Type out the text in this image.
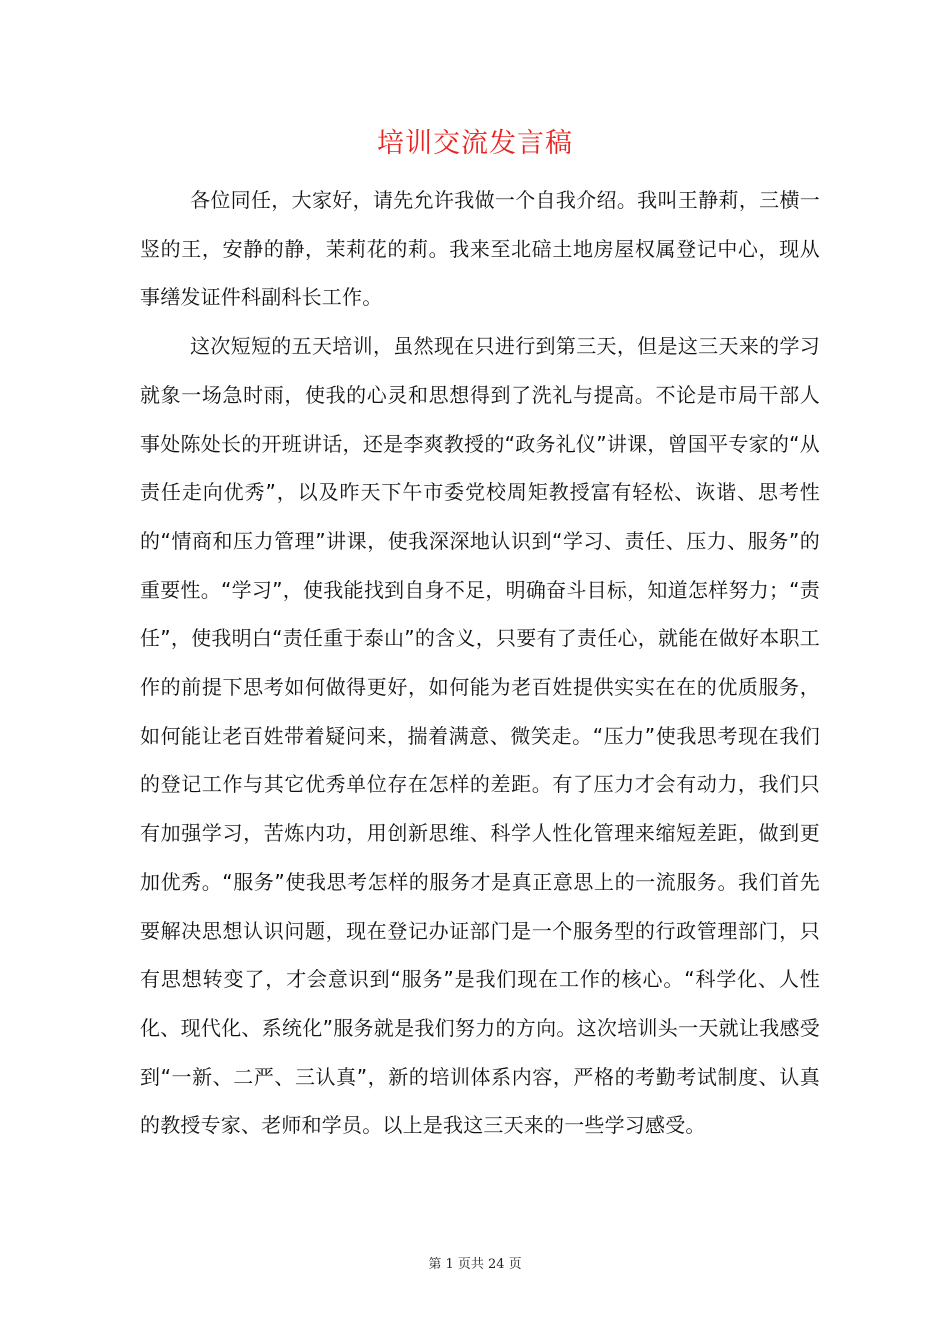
培训交流发言稿

各位同任，大家好，请先允许我做一个自我介绍。我叫王静莉，三横一竖的王，安静的静，茉莉花的莉。我来至北碚土地房屋权属登记中心，现从事缮发证件科副科长工作。

这次短短的五天培训，虽然现在只进行到第三天，但是这三天来的学习就象一场急时雨，使我的心灵和思想得到了洗礼与提高。不论是市局干部人事处陈处长的开班讲话，还是李爽教授的“政务礼仪”讲课，曾国平专家的“从责任走向优秀”，以及昨天下午市委党校周矩教授富有轻松、诙谐、思考性的“情商和压力管理”讲课，使我深深地认识到“学习、责任、压力、服务”的重要性。“学习”，使我能找到自身不足，明确奋斗目标，知道怎样努力；“责任”，使我明白“责任重于泰山”的含义，只要有了责任心，就能在做好本职工作的前提下思考如何做得更好，如何能为老百姓提供实实在在的优质服务，如何能让老百姓带着疑问来，揣着满意、微笑走。“压力”使我思考现在我们的登记工作与其它优秀单位存在怎样的差距。有了压力才会有动力，我们只有加强学习，苦炼内功，用创新思维、科学人性化管理来缩短差距，做到更加优秀。“服务”使我思考怎样的服务才是真正意思上的一流服务。我们首先要解决思想认识问题，现在登记办证部门是一个服务型的行政管理部门，只有思想转变了，才会意识到“服务”是我们现在工作的核心。“科学化、人性化、现代化、系统化”服务就是我们努力的方向。这次培训头一天就让我感受到“一新、二严、三认真”，新的培训体系内容，严格的考勤考试制度、认真的教授专家、老师和学员。以上是我这三天来的一些学习感受。

第 1 页共 24 页
